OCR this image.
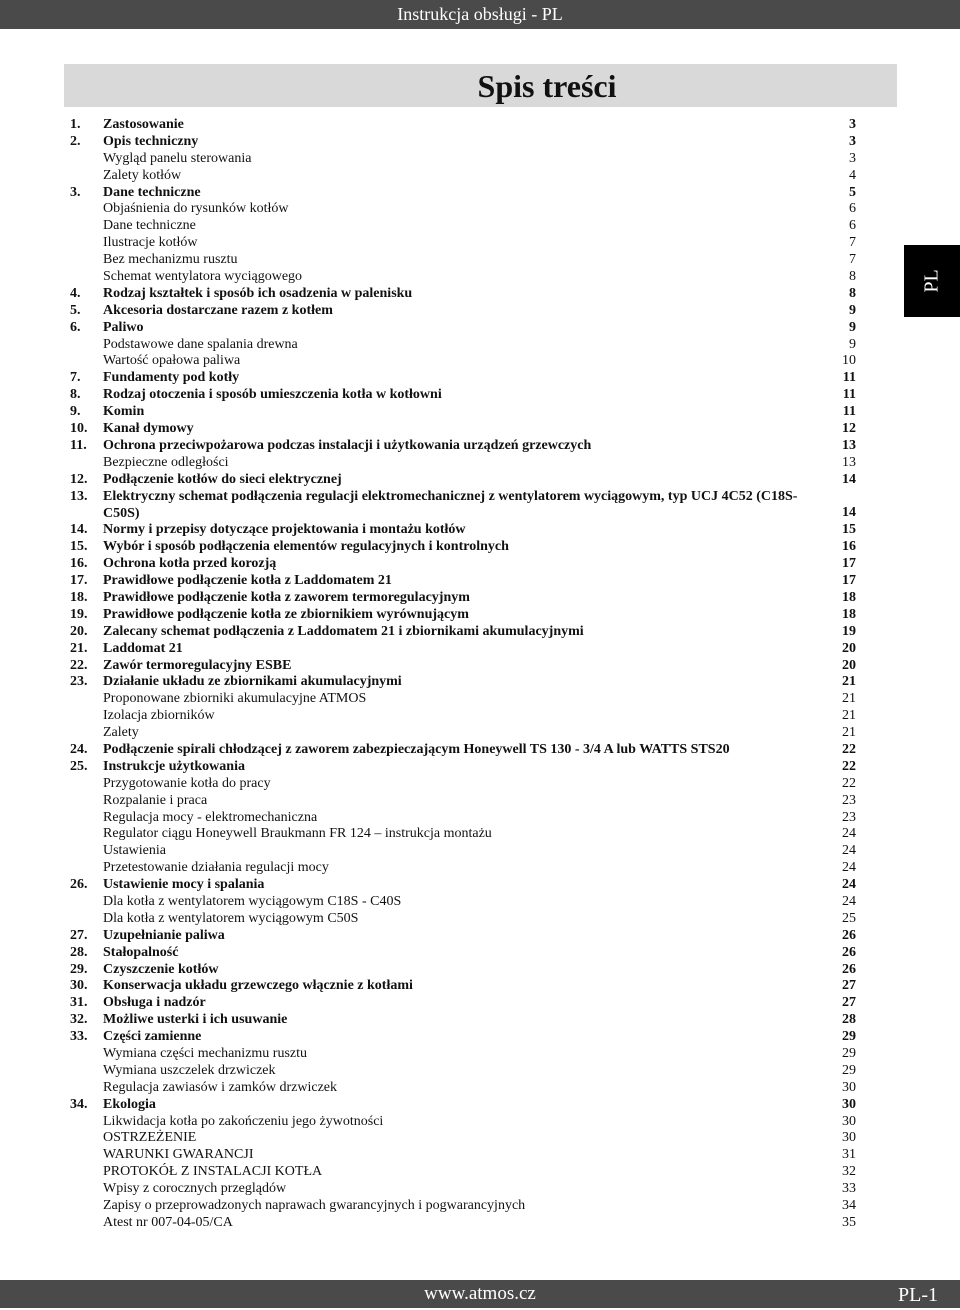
Instrukcja obsługi - PL
Spis treści
PL
1.	Zastosowanie	3
2.	Opis techniczny	3
Wygląd panelu sterowania	3
Zalety kotłów	4
3.	Dane techniczne	5
Objaśnienia do rysunków kotłów	6
Dane techniczne	6
Ilustracje kotłów	7
Bez mechanizmu rusztu	7
Schemat wentylatora wyciągowego	8
4.	Rodzaj kształtek i sposób ich osadzenia w palenisku	8
5.	Akcesoria dostarczane razem z kotłem	9
6.	Paliwo	9
Podstawowe dane spalania drewna	9
Wartość opałowa paliwa	10
7.	Fundamenty pod kotły	11
8.	Rodzaj otoczenia i sposób umieszczenia kotła w kotłowni	11
9.	Komin	11
10.	Kanał dymowy	12
11.	Ochrona przeciwpożarowa podczas instalacji i użytkowania urządzeń grzewczych	13
Bezpieczne odległości	13
12.	Podłączenie kotłów do sieci elektrycznej	14
13.	Elektryczny schemat podłączenia regulacji elektromechanicznej z wentylatorem wyciągowym, typ UCJ 4C52 (C18S-C50S)	14
14.	Normy i przepisy dotyczące projektowania i montażu kotłów	15
15.	Wybór i sposób podłączenia elementów regulacyjnych i kontrolnych	16
16.	Ochrona kotła przed korozją	17
17.	Prawidłowe podłączenie kotła z Laddomatem 21	17
18.	Prawidłowe podłączenie kotła z zaworem termoregulacyjnym	18
19.	Prawidłowe podłączenie kotła ze zbiornikiem wyrównującym	18
20.	Zalecany schemat podłączenia z Laddomatem 21 i zbiornikami akumulacyjnymi	19
21.	Laddomat 21	20
22.	Zawór termoregulacyjny ESBE	20
23.	Działanie układu ze zbiornikami akumulacyjnymi	21
Proponowane zbiorniki akumulacyjne ATMOS	21
Izolacja zbiorników	21
Zalety	21
24.	Podłączenie spirali chłodzącej z zaworem zabezpieczającym Honeywell TS 130 - 3/4 A lub WATTS STS20	22
25.	Instrukcje użytkowania	22
Przygotowanie kotła do pracy	22
Rozpalanie i praca	23
Regulacja mocy - elektromechaniczna	23
Regulator ciągu Honeywell Braukmann FR 124 – instrukcja montażu	24
Ustawienia	24
Przetestowanie działania regulacji mocy	24
26.	Ustawienie mocy i spalania	24
Dla kotła z wentylatorem wyciągowym C18S - C40S	24
Dla kotła z wentylatorem wyciągowym C50S	25
27.	Uzupełnianie paliwa	26
28.	Stałopalność	26
29.	Czyszczenie kotłów	26
30.	Konserwacja układu grzewczego włącznie z kotłami	27
31.	Obsługa i nadzór	27
32.	Możliwe usterki i ich usuwanie	28
33.	Części zamienne	29
Wymiana części mechanizmu rusztu	29
Wymiana uszczelek drzwiczek	29
Regulacja zawiasów i zamków drzwiczek	30
34.	Ekologia	30
Likwidacja kotła po zakończeniu jego żywotności	30
OSTRZEŻENIE	30
WARUNKI GWARANCJI	31
PROTOKÓŁ Z INSTALACJI KOTŁA	32
Wpisy z corocznych przeglądów	33
Zapisy o przeprowadzonych naprawach gwarancyjnych i pogwarancyjnych	34
Atest nr 007-04-05/CA	35
www.atmos.cz	PL-1
